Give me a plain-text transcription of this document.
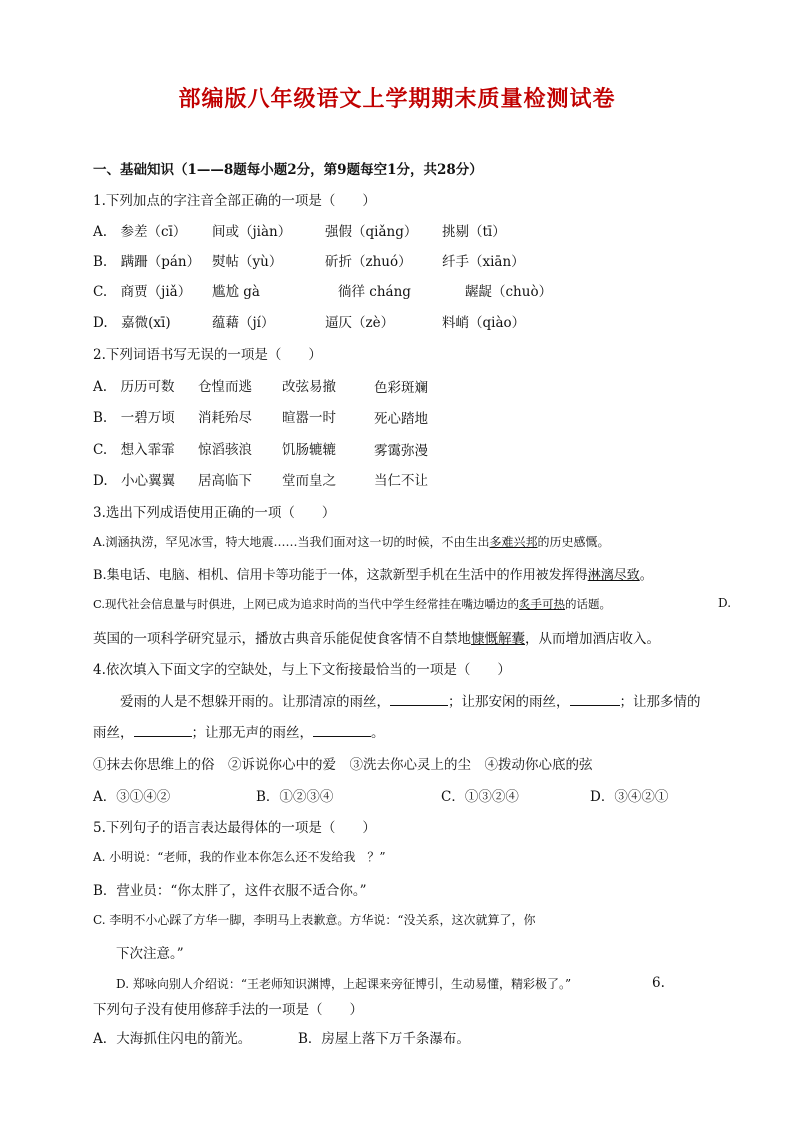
部编版八年级语文上学期期末质量检测试卷
一、基础知识（1——8题每小题2分，第9题每空1分，共28分）
1.下列加点的字注音全部正确的一项是（　　）
A.　参差（cī） 间或（jiàn）	强假（qiǎng） 挑剔（tī）
B.　蹒跚（pán） 熨帖（yù）	斫折（zhuó） 纤手（xiān）
C.　商贾（jiǎ） 尴尬 gà	徜徉 cháng	龌龊（chuò）
D.　嘉微(xī)	蕴藉（jí）	逼仄（zè）	料峭（qiào）
2.下列词语书写无误的一项是（　　）
A.　历历可数 仓惶而逃 改弦易撤	色彩斑斓
B.　一碧万顷 消耗殆尽 暄嚣一时	死心踏地
C.　想入霏霏 惊滔骇浪 饥肠辘辘	雾霭弥漫
D.　小心翼翼 居高临下 堂而皇之	当仁不让
3.选出下列成语使用正确的一项（　　）
A.浏涵执涝，罕见冰雪，特大地震……当我们面对这一切的时候，不由生出多难兴邦的历史感慨。
B.集电话、电脑、相机、信用卡等功能于一体，这款新型手机在生活中的作用被发挥得淋漓尽致。
C.现代社会信息量与时俱进，上网已成为追求时尚的当代中学生经常挂在嘴边嚼边的炙手可热的话题。	D.
英国的一项科学研究显示，播放古典音乐能促使食客情不自禁地慷慨解囊，从而增加酒店收入。
4.依次填入下面文字的空缺处，与上下文衔接最恰当的一项是（　　）
爱雨的人是不想躲开雨的。让那清凉的雨丝，	；让那安闲的雨丝，	；让那多情的
雨丝，	；让那无声的雨丝，	。
①抹去你思维上的俗　②诉说你心中的爱　③洗去你心灵上的尘　④拨动你心底的弦
A．③①④②	B．①②③④	C．①③②④	D．③④②①
5.下列句子的语言表达最得体的一项是（　　）
A. 小明说：“老师，我的作业本你怎么还不发给我　？”
B．营业员：“你太胖了，这件衣服不适合你。”
C. 李明不小心踩了方华一脚，李明马上表歉意。方华说：“没关系，这次就算了，你
下次注意。”
D. 郑咏向别人介绍说：“王老师知识渊博，上起课来旁征博引，生动易懂，精彩极了。”	6.
下列句子没有使用修辞手法的一项是（　　）
A．大海抓住闪电的箭光。	B．房屋上落下万千条瀑布。
